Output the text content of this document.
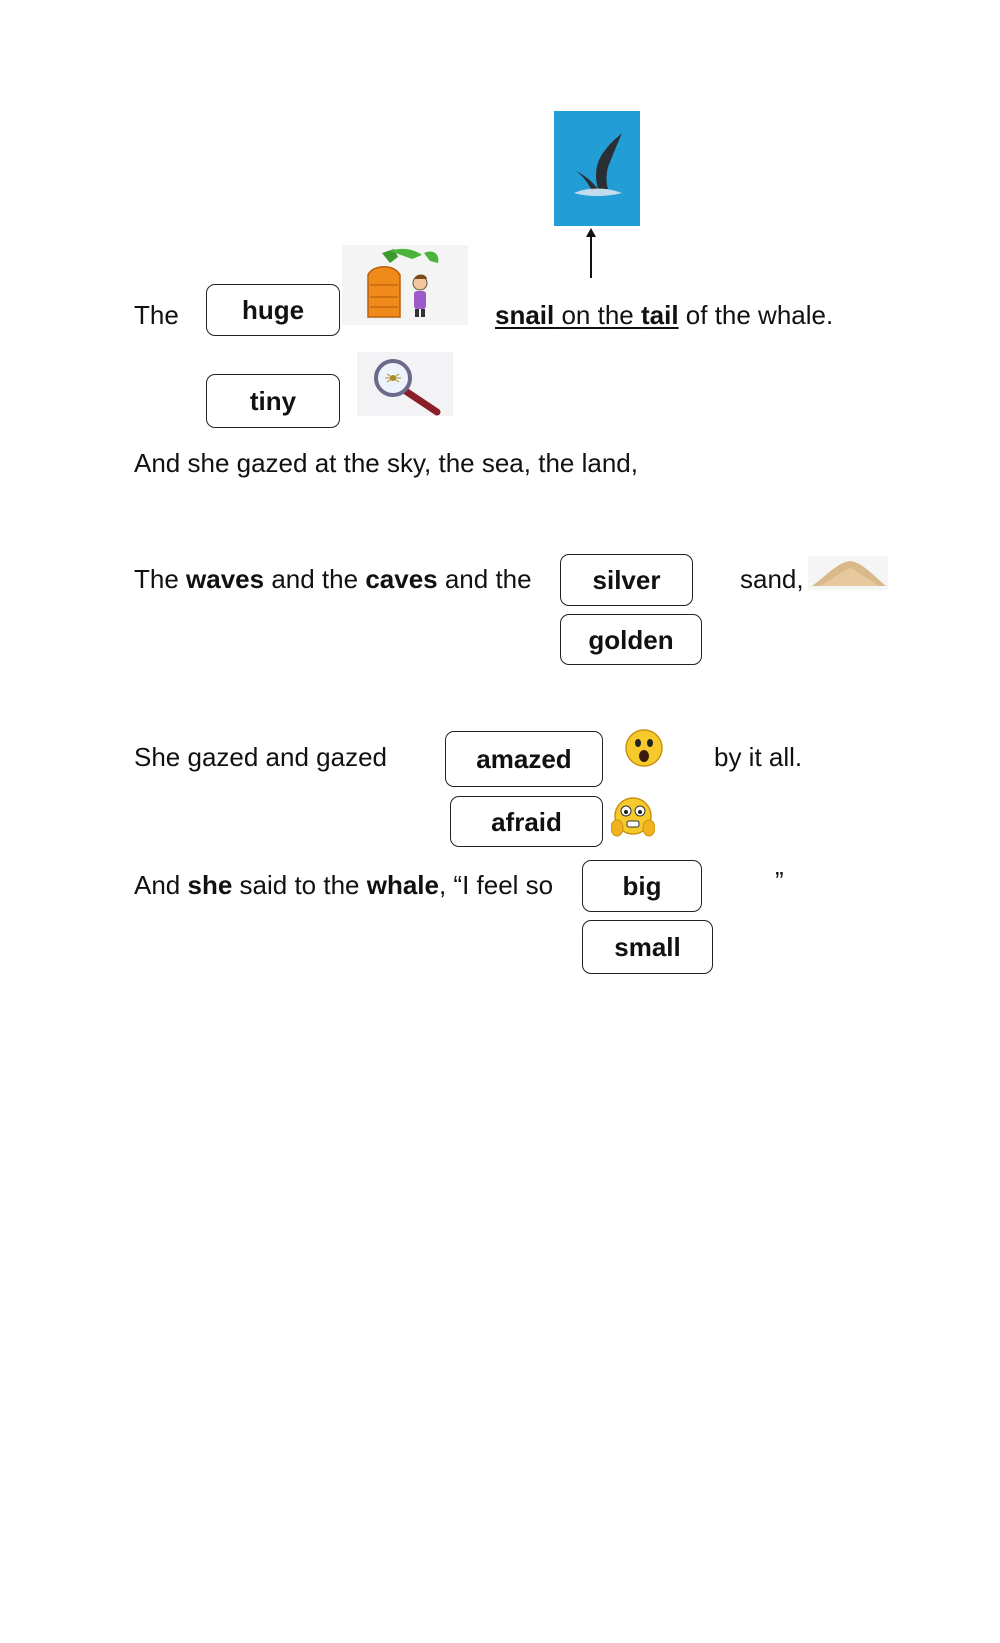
The	huge
tiny
snail on the tail of the whale.
And she gazed at the sky, the sea, the land,
The waves and the caves and the	silver
golden
sand,
She gazed and gazed	amazed
afraid
by it all.
And she said to the whale, “I feel so	big
small
”
